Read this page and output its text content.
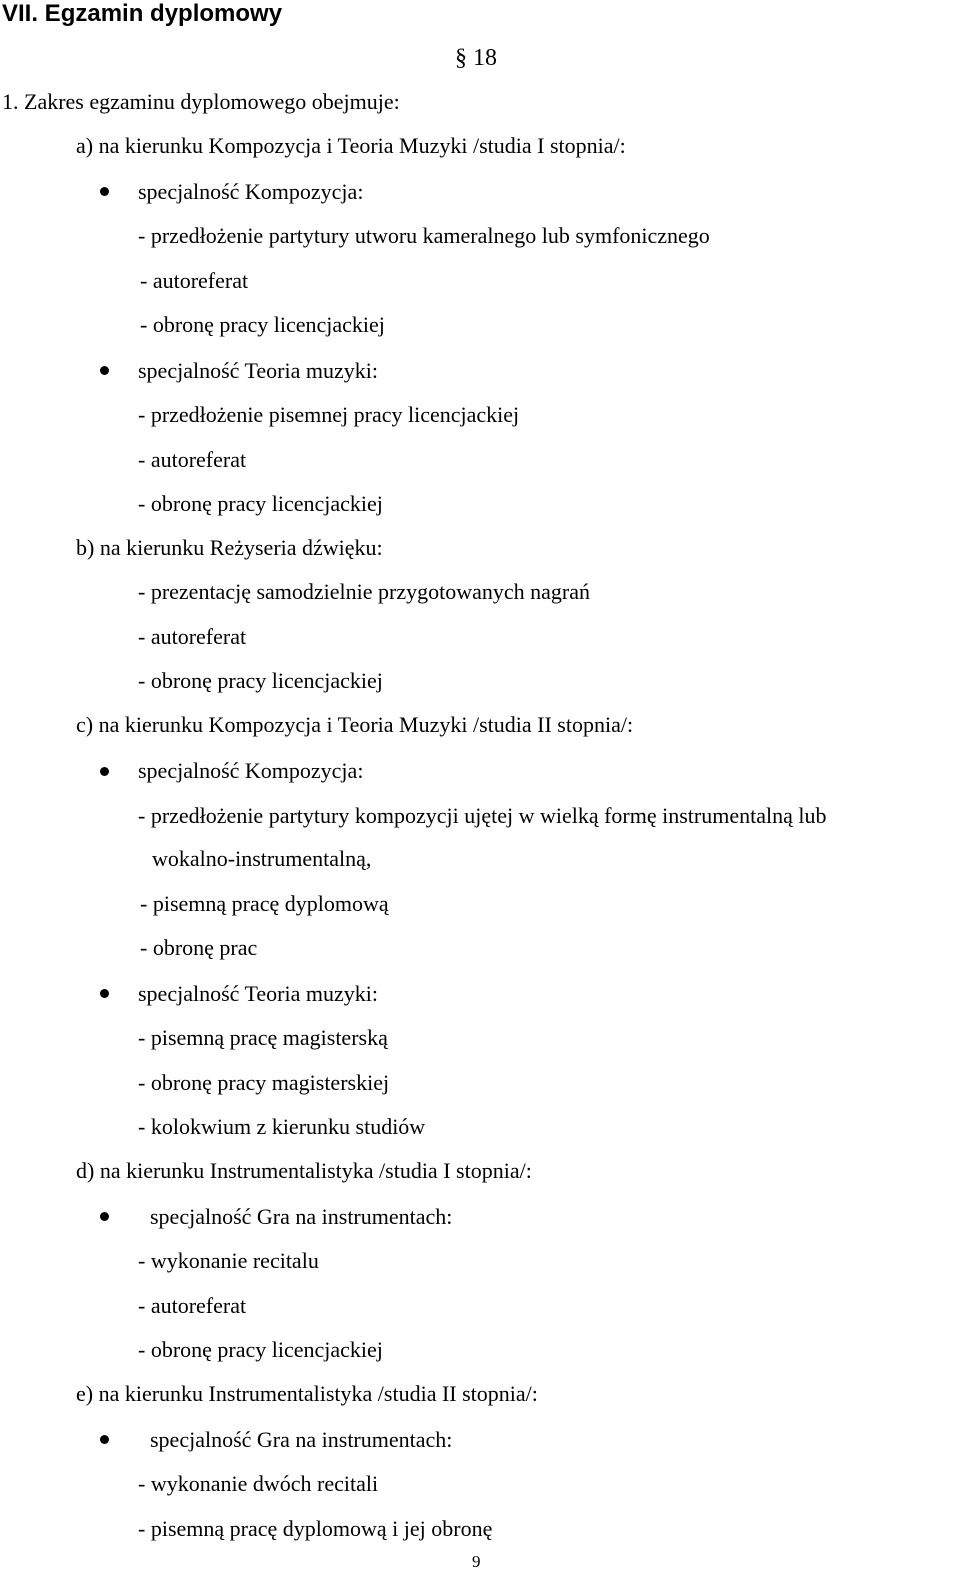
VII. Egzamin dyplomowy
§ 18
1. Zakres egzaminu dyplomowego obejmuje:
a) na kierunku Kompozycja i Teoria Muzyki /studia I stopnia/:
specjalność Kompozycja:
- przedłożenie partytury utworu kameralnego lub symfonicznego
- autoreferat
- obronę pracy licencjackiej
specjalność Teoria muzyki:
- przedłożenie pisemnej pracy licencjackiej
- autoreferat
- obronę pracy licencjackiej
b) na kierunku Reżyseria dźwięku:
- prezentację samodzielnie przygotowanych nagrań
- autoreferat
- obronę pracy licencjackiej
c) na kierunku Kompozycja i Teoria Muzyki /studia II stopnia/:
specjalność Kompozycja:
- przedłożenie partytury kompozycji ujętej w wielką formę instrumentalną lub
wokalno-instrumentalną,
- pisemną pracę dyplomową
- obronę prac
specjalność Teoria muzyki:
- pisemną pracę magisterską
- obronę pracy magisterskiej
- kolokwium z kierunku studiów
d) na kierunku Instrumentalistyka /studia I stopnia/:
specjalność Gra na instrumentach:
- wykonanie recitalu
- autoreferat
- obronę pracy licencjackiej
e) na kierunku Instrumentalistyka /studia II stopnia/:
specjalność Gra na instrumentach:
- wykonanie dwóch recitali
- pisemną pracę dyplomową i jej obronę
9
